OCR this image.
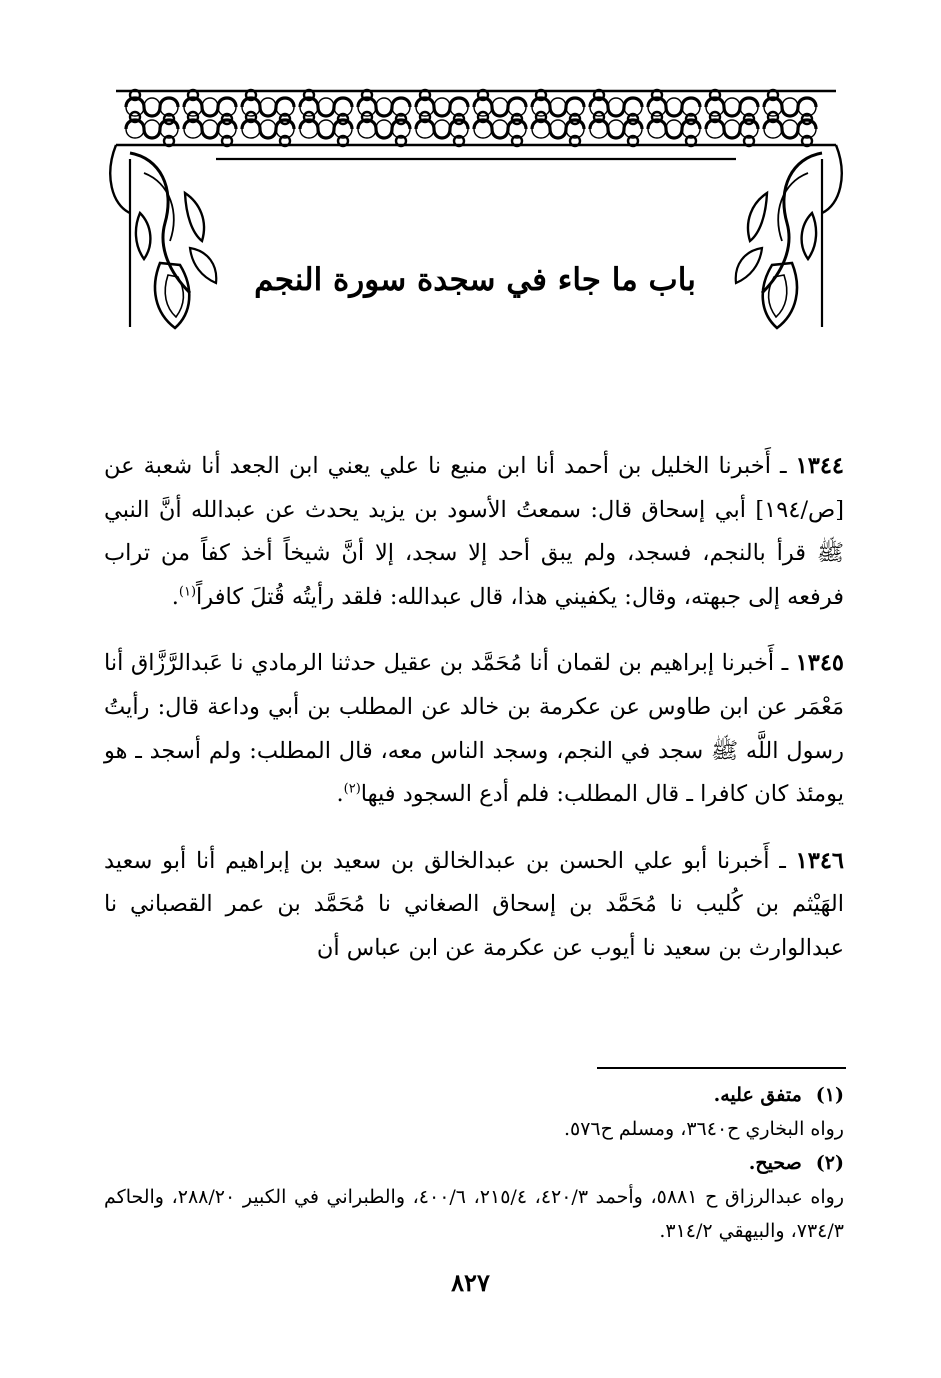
باب ما جاء في سجدة سورة النجم

١٣٤٤ ـ أَخبرنا الخليل بن أحمد أنا ابن منيع نا علي يعني ابن الجعد أنا شعبة عن [ص/١٩٤] أبي إسحاق قال: سمعتُ الأسود بن يزيد يحدث عن عبدالله أنَّ النبي ﷺ قرأ بالنجم، فسجد، ولم يبق أحد إلا سجد، إلا أنَّ شيخاً أخذ كفاً من تراب فرفعه إلى جبهته، وقال: يكفيني هذا، قال عبدالله: فلقد رأيتُه قُتلَ كافراً$^{(١)}$.

١٣٤٥ ـ أَخبرنا إبراهيم بن لقمان أنا مُحَمَّد بن عقيل حدثنا الرمادي نا عَبدالرَّزَّاق أنا مَعْمَر عن ابن طاوس عن عكرمة بن خالد عن المطلب بن أبي وداعة قال: رأيتُ رسول اللَّه ﷺ سجد في النجم، وسجد الناس معه، قال المطلب: ولم أسجد ـ هو يومئذ كان كافرا ـ قال المطلب: فلم أدع السجود فيها$^{(٢)}$.

١٣٤٦ ـ أَخبرنا أبو علي الحسن بن عبدالخالق بن سعيد بن إبراهيم أنا أبو سعيد الهَيْثم بن كُليب نا مُحَمَّد بن إسحاق الصغاني نا مُحَمَّد بن عمر القصباني نا عبدالوارث بن سعيد نا أيوب عن عكرمة عن ابن عباس أن

(١)متفق عليه.
رواه البخاري ح٣٦٤٠، ومسلم ح٥٧٦.
(٢)صحيح.
رواه عبدالرزاق ح ٥٨٨١، وأحمد ٤٢٠/٣، ٢١٥/٤، ٤٠٠/٦، والطبراني في الكبير ٢٨٨/٢٠، والحاكم ٧٣٤/٣، والبيهقي ٣١٤/٢.
٨٢٧
